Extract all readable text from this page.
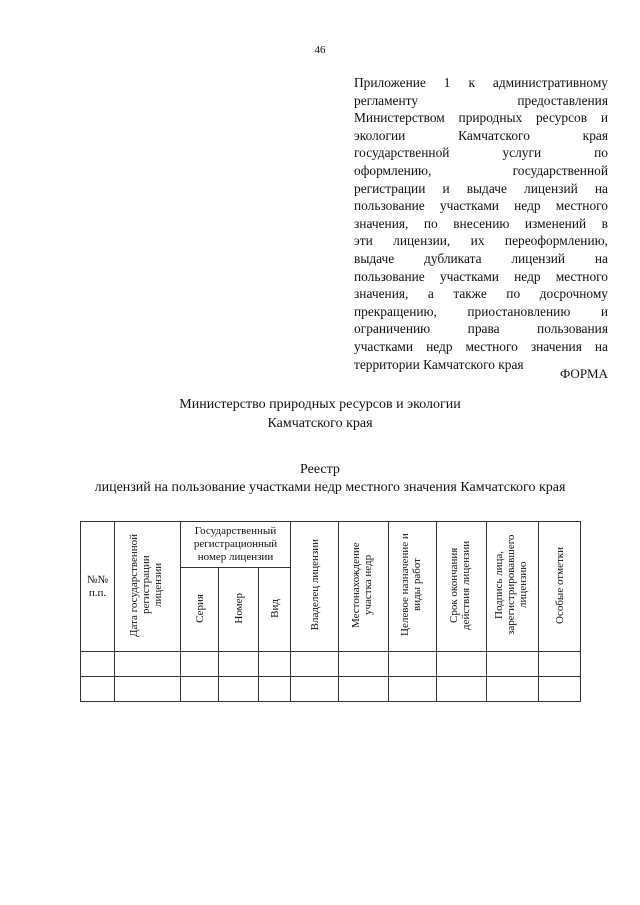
46
Приложение 1 к административному
регламенту предоставления
Министерством природных ресурсов и
экологии Камчатского края
государственной услуги по
оформлению, государственной
регистрации и выдаче лицензий на
пользование участками недр местного
значения, по внесению изменений в
эти лицензии, их переоформлению,
выдаче дубликата лицензий на
пользование участками недр местного
значения, а также по досрочному
прекращению, приостановлению и
ограничению права пользования
участками недр местного значения на
территории Камчатского края
ФОРМА
Министерство природных ресурсов и экологии
Камчатского края
Реестр
лицензий на пользование участками недр местного значения Камчатского края
№№ п.п.	Дата государственной регистрации лицензии	Государственный регистрационный номер лицензии			Владелец лицензии	Местонахождение участка недр	Целевое назначение и виды работ	Срок окончания действия лицензии	Подпись лица, зарегистрировавшего лицензию	Особые отметки
		Серия	Номер	Вид						
